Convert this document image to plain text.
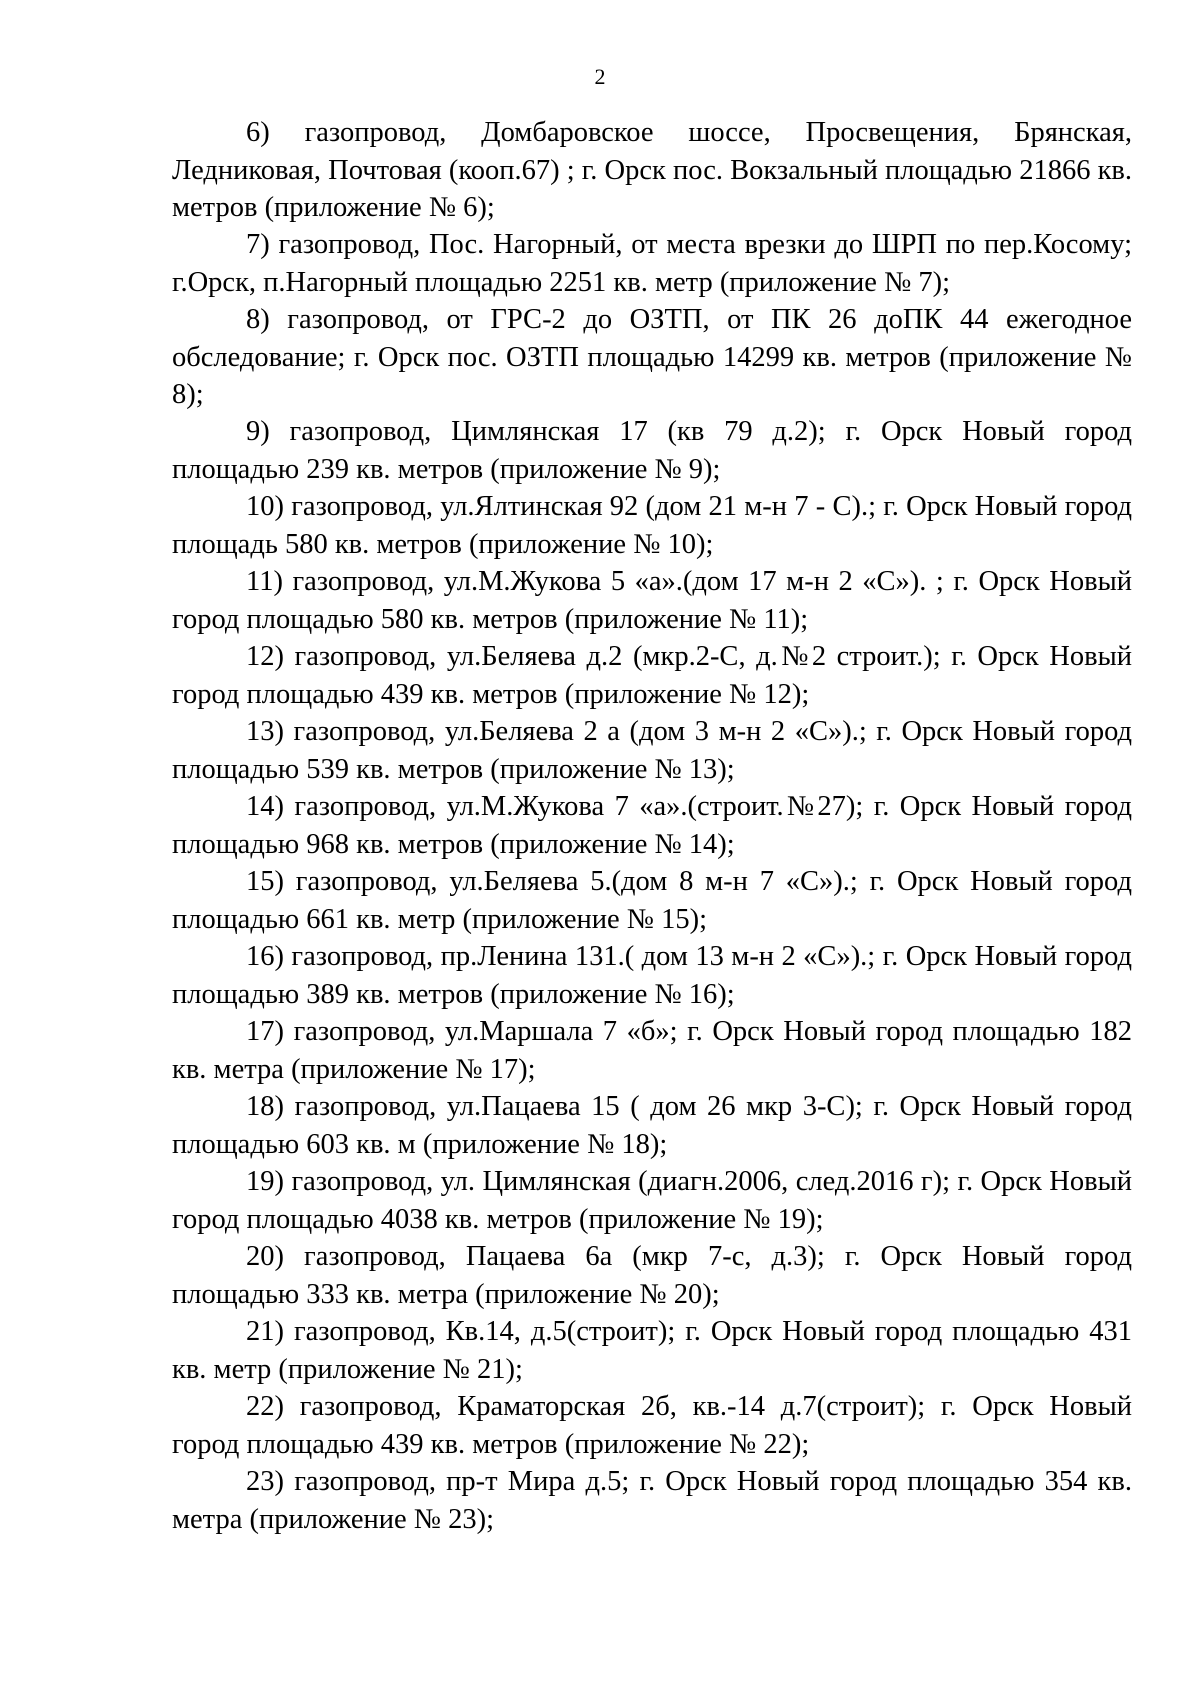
2

6) газопровод, Домбаровское шоссе, Просвещения, Брянская, Ледниковая, Почтовая (кооп.67) ; г. Орск пос. Вокзальный площадью 21866 кв. метров (приложение № 6);

7) газопровод, Пос. Нагорный, от места врезки до ШРП по пер.Косому; г.Орск, п.Нагорный площадью 2251 кв. метр (приложение № 7);

8) газопровод, от ГРС-2 до ОЗТП, от ПК 26 доПК 44 ежегодное обследование; г. Орск пос. ОЗТП площадью 14299 кв. метров (приложение № 8);

9) газопровод, Цимлянская 17 (кв 79 д.2); г. Орск Новый город площадью 239 кв. метров (приложение № 9);

10) газопровод, ул.Ялтинская 92 (дом 21 м-н 7 - С).; г. Орск Новый город площадь 580 кв. метров (приложение № 10);

11) газопровод, ул.М.Жукова 5 «а».(дом 17 м-н 2 «С»). ; г. Орск Новый город площадью 580 кв. метров (приложение № 11);

12) газопровод, ул.Беляева д.2 (мкр.2-С, д.№2 строит.); г. Орск Новый город площадью 439 кв. метров (приложение № 12);

13) газопровод, ул.Беляева 2 а (дом 3 м-н 2 «С»).; г. Орск Новый город площадью 539 кв. метров (приложение № 13);

14) газопровод, ул.М.Жукова 7 «а».(строит.№27); г. Орск Новый город площадью 968 кв. метров (приложение № 14);

15) газопровод, ул.Беляева 5.(дом 8 м-н 7 «С»).; г. Орск Новый город площадью 661 кв. метр (приложение № 15);

16) газопровод, пр.Ленина 131.( дом 13 м-н 2 «С»).; г. Орск Новый город площадью 389 кв. метров (приложение № 16);

17) газопровод, ул.Маршала 7 «б»; г. Орск Новый город площадью 182 кв. метра (приложение № 17);

18) газопровод, ул.Пацаева 15 ( дом 26 мкр 3-С); г. Орск Новый город площадью 603 кв. м (приложение № 18);

19) газопровод, ул. Цимлянская (диагн.2006, след.2016 г); г. Орск Новый город площадью 4038 кв. метров (приложение № 19);

20) газопровод, Пацаева 6а (мкр 7-с, д.3); г. Орск Новый город площадью 333 кв. метра (приложение № 20);

21) газопровод, Кв.14, д.5(строит); г. Орск Новый город площадью 431 кв. метр (приложение № 21);

22) газопровод, Краматорская 2б, кв.-14 д.7(строит); г. Орск Новый город площадью 439 кв. метров (приложение № 22);

23) газопровод, пр-т Мира д.5; г. Орск Новый город площадью 354 кв. метра (приложение № 23);
